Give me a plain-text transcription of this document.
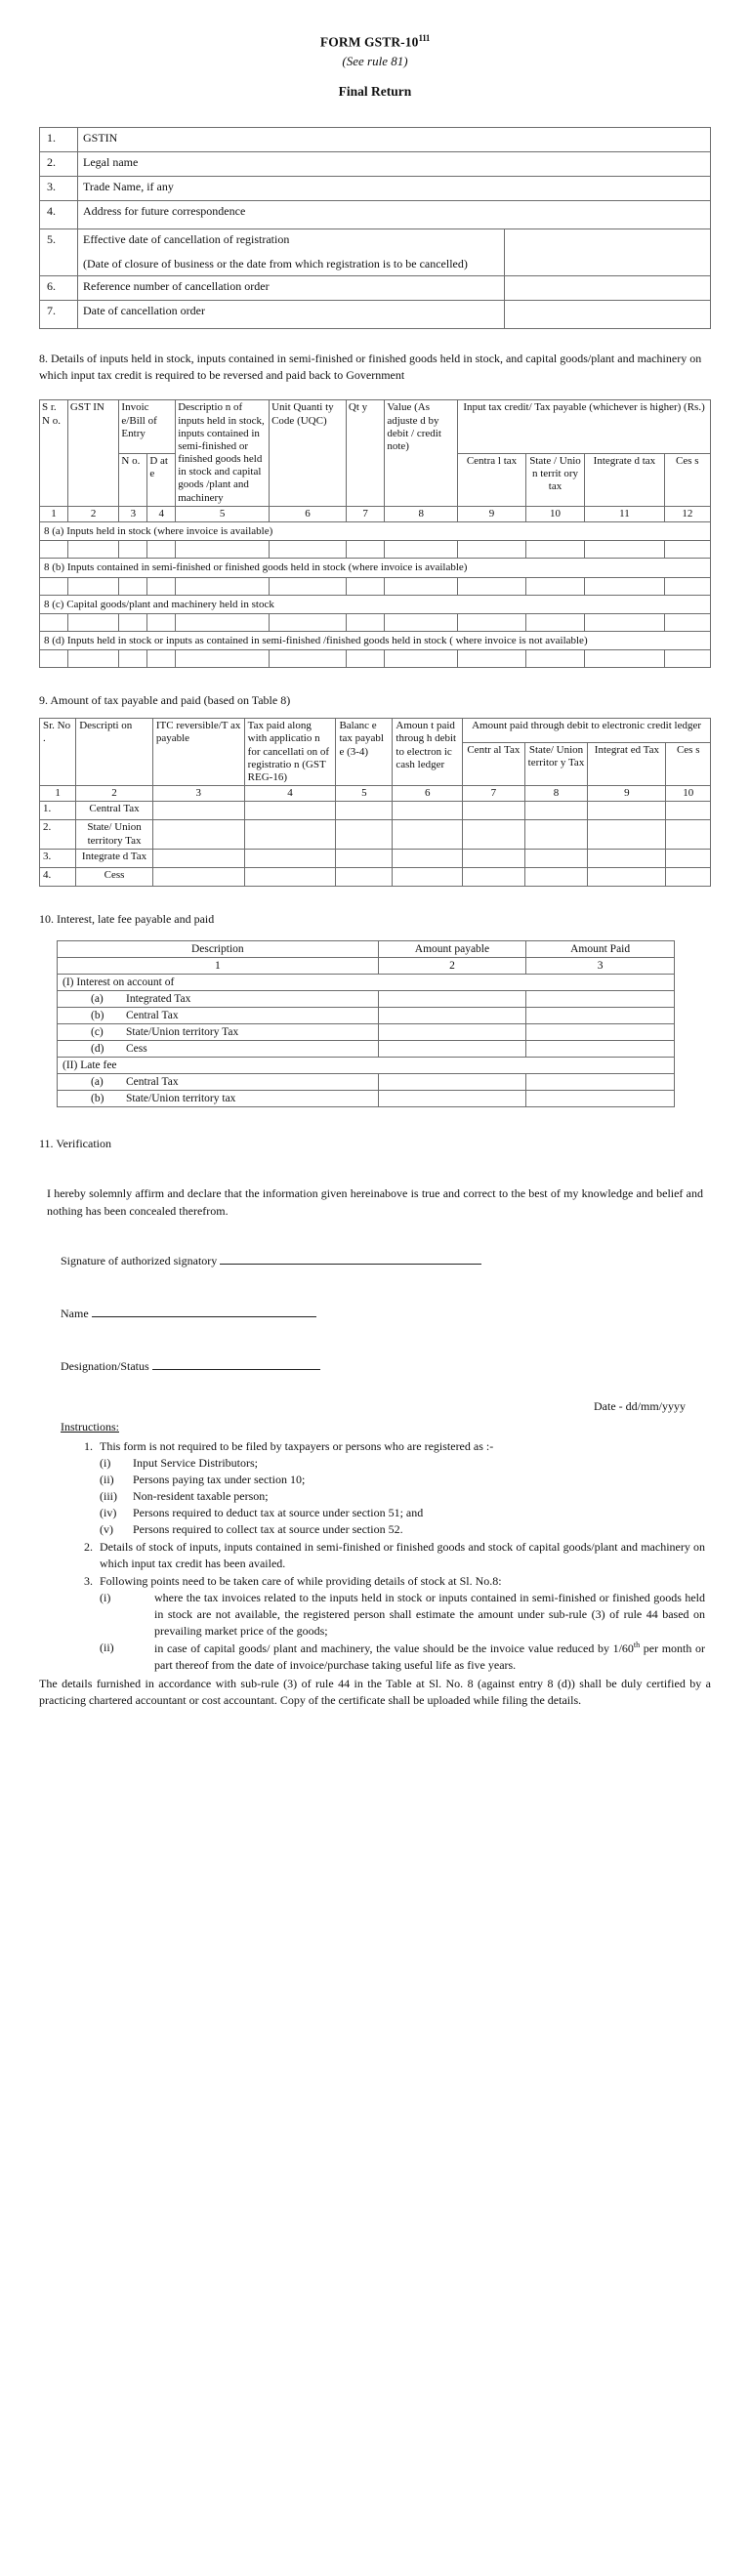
FORM GSTR-$10^{111}$
(See rule 81)
Final Return
1.	GSTIN	
2.	Legal name	
3.	Trade Name, if any	
4.	Address for future correspondence	
5.	Effective date of cancellation of registration
(Date of closure of business or the date from which registration is to be cancelled)	

6.	Reference number of cancellation order	
7.	Date of cancellation order	

8. Details of inputs held in stock, inputs contained in semi-finished or finished goods held in stock, and capital goods/plant and machinery on which input tax credit is required to be reversed and paid back to Government

S r. N o.	GST IN	Invoic e/Bill of Entry		Descriptio n of inputs held in stock, inputs contained in semi-finished or finished goods held in stock and capital goods /plant and machinery	Unit Quanti ty Code (UQC)	Qt y	Value (As adjuste d by debit / credit note)	Input tax credit/ Tax payable (whichever is higher) (Rs.)			
		N o.	D at e					Centra l tax	State / Unio n territ ory tax	Integrate d tax	Ces s
1	2	3	4	5	6	7	8	9	10	11	12
8 (a) Inputs held in stock (where invoice is available)											

8 (b) Inputs contained in semi-finished or finished goods held in stock (where invoice is available)											

8 (c) Capital goods/plant and machinery held in stock											

8 (d) Inputs held in stock or inputs as contained in semi-finished /finished goods held in stock ( where invoice is not available)											

9. Amount of tax payable and paid (based on Table 8)
Sr. No .	Descripti on	ITC reversible/T ax payable	Tax paid along with applicatio n for cancellati on of registratio n (GST REG-16)	Balanc e tax payabl e (3-4)	Amoun t paid throug h debit to electron ic cash ledger	Amount paid through debit to electronic credit ledger			
						Centr al Tax	State/ Union territor y Tax	Integrat ed Tax	Ces s
1	2	3	4	5	6	7	8	9	10
1.	Central Tax								
2.	State/ Union territory Tax								
3.	Integrate d Tax								
4.	Cess								
10. Interest, late fee payable and paid
Description	Amount payable	Amount Paid
1	2	3
(I) Interest on account of		
(a) Integrated Tax		
(b) Central Tax		
(c) State/Union territory Tax		
(d) Cess		
(II) Late fee		
(a) Central Tax		
(b) State/Union territory tax		
11. Verification

I hereby solemnly affirm and declare that the information given hereinabove is true and correct to the best of my knowledge and belief and nothing has been concealed therefrom.

Signature of authorized signatory
Name
Designation/Status
Date - dd/mm/yyyy
Instructions:
1. This form is not required to be filed by taxpayers or persons who are registered as :-
(i)	Input Service Distributors;
(ii)	Persons paying tax under section 10;
(iii)	Non-resident taxable person;
(iv)	Persons required to deduct tax at source under section 51; and
(v)	Persons required to collect tax at source under section 52.
2. Details of stock of inputs, inputs contained in semi-finished or finished goods and stock of capital goods/plant and machinery on which input tax credit has been availed.
3. Following points need to be taken care of while providing details of stock at Sl. No.8:
(i)	where the tax invoices related to the inputs held in stock or inputs contained in semi-finished or finished goods held in stock are not available, the registered person shall estimate the amount under sub-rule (3) of rule 44 based on prevailing market price of the goods;
(ii)	in case of capital goods/ plant and machinery, the value should be the invoice value reduced by 1/60th per month or part thereof from the date of invoice/purchase taking useful life as five years.

The details furnished in accordance with sub-rule (3) of rule 44 in the Table at Sl. No. 8 (against entry 8 (d)) shall be duly certified by a practicing chartered accountant or cost accountant. Copy of the certificate shall be uploaded while filing the details.
